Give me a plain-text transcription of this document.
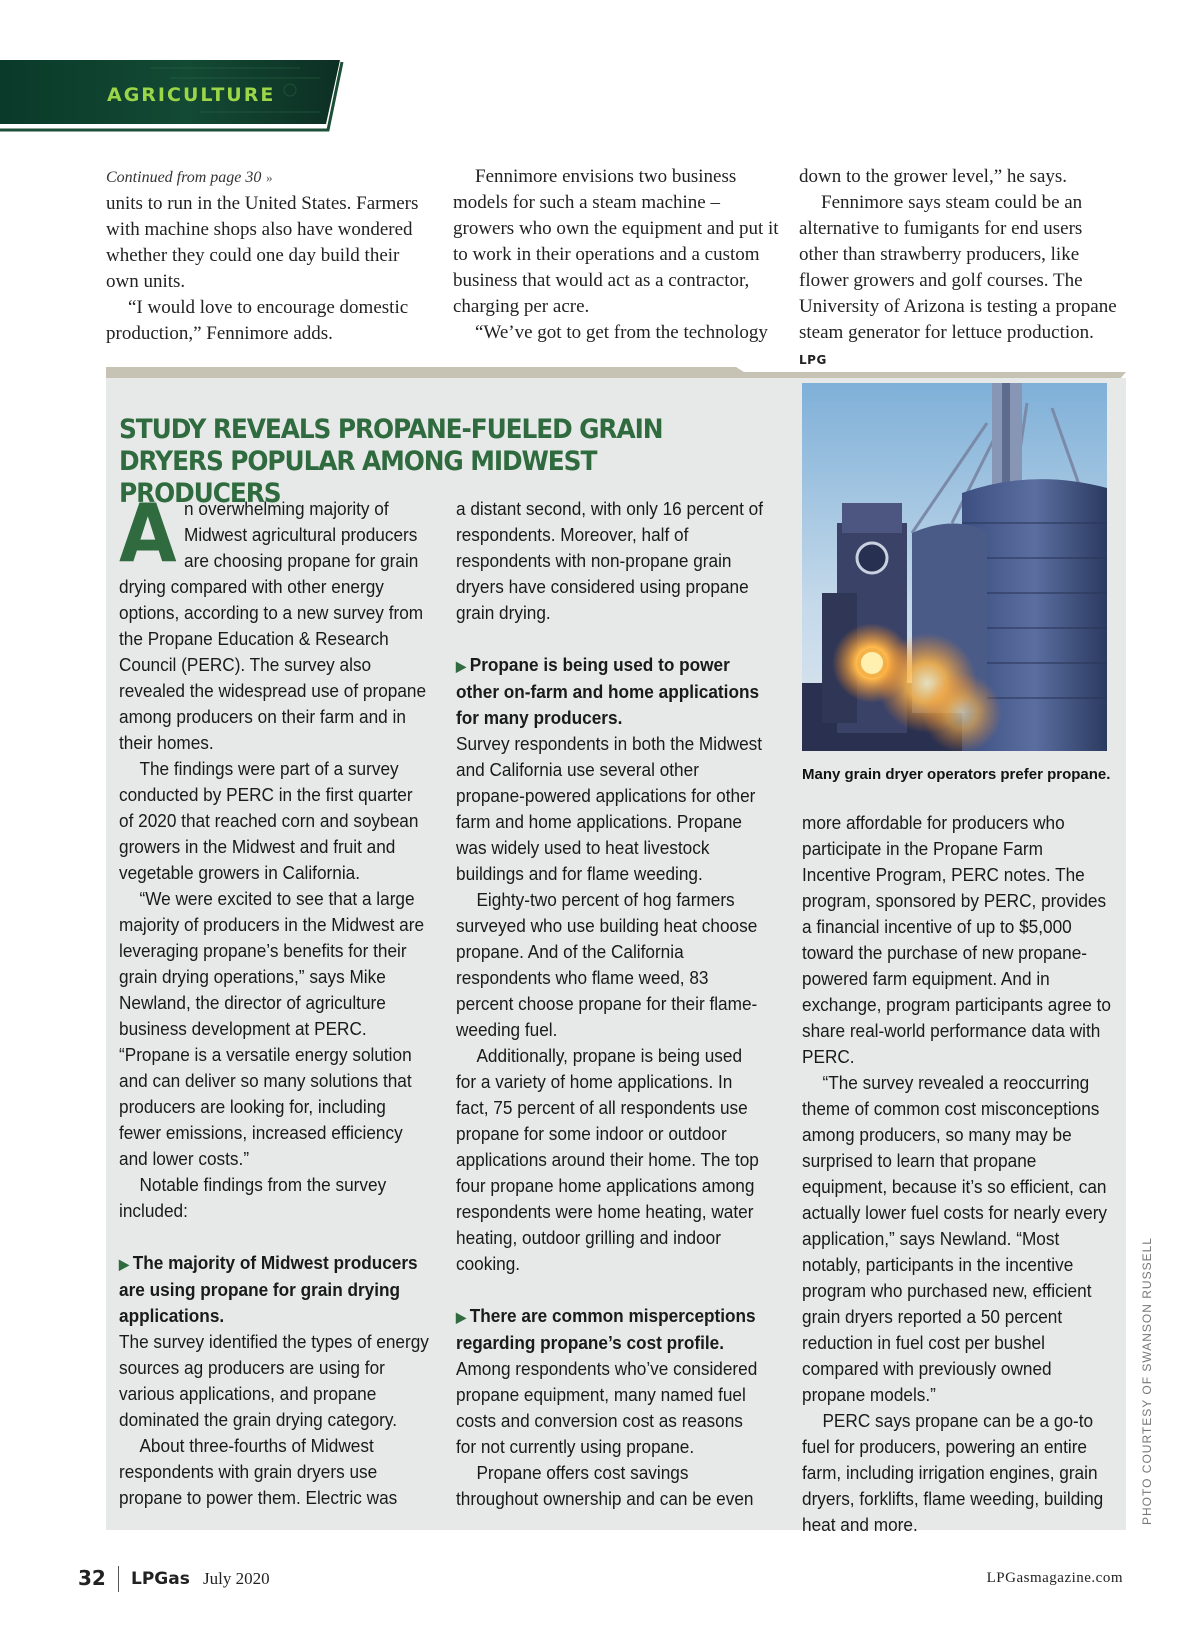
AGRICULTURE

Continued from page 30 »

units to run in the United States. Farmers with machine shops also have wondered whether they could one day build their own units.

“I would love to encourage domestic production,” Fennimore adds.

Fennimore envisions two business models for such a steam machine – growers who own the equipment and put it to work in their operations and a custom business that would act as a contractor, charging per acre.

“We’ve got to get from the technology

down to the grower level,” he says.

Fennimore says steam could be an alternative to fumigants for end users other than strawberry producers, like flower growers and golf courses. The University of Arizona is testing a propane steam generator for lettuce production. LPG

STUDY REVEALS PROPANE-FUELED GRAIN DRYERS POPULAR AMONG MIDWEST PRODUCERS

An overwhelming majority of Midwest agricultural producers are choosing propane for grain drying compared with other energy options, according to a new survey from the Propane Education & Research Council (PERC). The survey also revealed the widespread use of propane among producers on their farm and in their homes.

The findings were part of a survey conducted by PERC in the first quarter of 2020 that reached corn and soybean growers in the Midwest and fruit and vegetable growers in California.

“We were excited to see that a large majority of producers in the Midwest are leveraging propane’s benefits for their grain drying operations,” says Mike Newland, the director of agriculture business development at PERC. “Propane is a versatile energy solution and can deliver so many solutions that producers are looking for, including fewer emissions, increased efficiency and lower costs.”

Notable findings from the survey included:

▶ The majority of Midwest producers are using propane for grain drying applications.

The survey identified the types of energy sources ag producers are using for various applications, and propane dominated the grain drying category.

About three-fourths of Midwest respondents with grain dryers use propane to power them. Electric was

a distant second, with only 16 percent of respondents. Moreover, half of respondents with non-propane grain dryers have considered using propane grain drying.

▶ Propane is being used to power other on-farm and home applications for many producers.

Survey respondents in both the Midwest and California use several other propane-powered applications for other farm and home applications. Propane was widely used to heat livestock buildings and for flame weeding.

Eighty-two percent of hog farmers surveyed who use building heat choose propane. And of the California respondents who flame weed, 83 percent choose propane for their flame-weeding fuel.

Additionally, propane is being used for a variety of home applications. In fact, 75 percent of all respondents use propane for some indoor or outdoor applications around their home. The top four propane home applications among respondents were home heating, water heating, outdoor grilling and indoor cooking.

▶ There are common misperceptions regarding propane’s cost profile.

Among respondents who’ve considered propane equipment, many named fuel costs and conversion cost as reasons for not currently using propane.

Propane offers cost savings throughout ownership and can be even

Many grain dryer operators prefer propane.

more affordable for producers who participate in the Propane Farm Incentive Program, PERC notes. The program, sponsored by PERC, provides a financial incentive of up to $5,000 toward the purchase of new propane-powered farm equipment. And in exchange, program participants agree to share real-world performance data with PERC.

“The survey revealed a reoccurring theme of common cost misconceptions among producers, so many may be surprised to learn that propane equipment, because it’s so efficient, can actually lower fuel costs for nearly every application,” says Newland. “Most notably, participants in the incentive program who purchased new, efficient grain dryers reported a 50 percent reduction in fuel cost per bushel compared with previously owned propane models.”

PERC says propane can be a go-to fuel for producers, powering an entire farm, including irrigation engines, grain dryers, forklifts, flame weeding, building heat and more.	PHOTO COURTESY OF SWANSON RUSSELL
32 LPGas July 2020	LPGasmagazine.com
